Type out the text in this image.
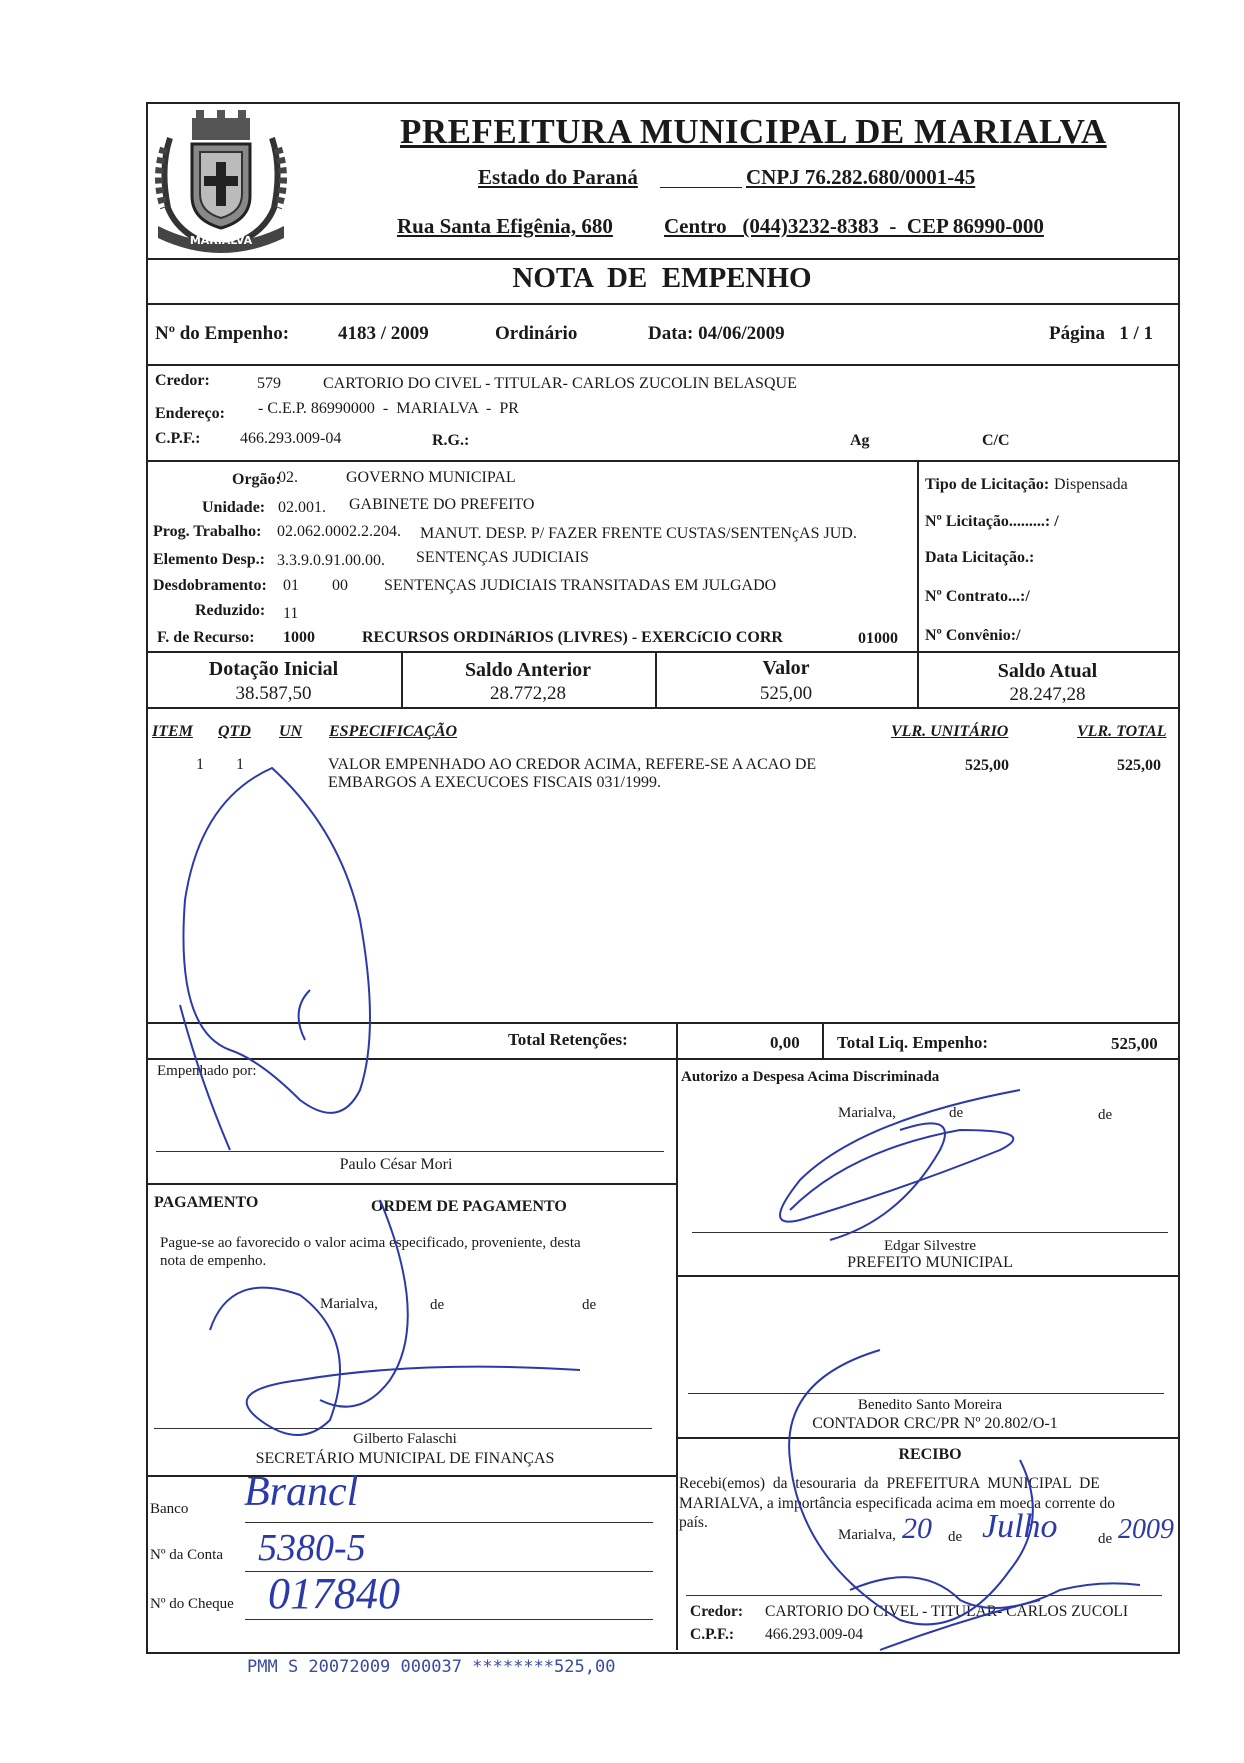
MARIALVA
PREFEITURA MUNICIPAL DE MARIALVA
Estado do Paraná	CNPJ 76.282.680/0001-45
Rua Santa Efigênia, 680 Centro   (044)3232-8383  -  CEP 86990-000
NOTA  DE  EMPENHO
Nº do Empenho:	4183 / 2009	Ordinário	Data: 04/06/2009	Página   1 / 1
Credor:	579	CARTORIO DO CIVEL - TITULAR- CARLOS ZUCOLIN BELASQUE
Endereço: - C.E.P. 86990000  -  MARIALVA  -  PR
C.P.F.: 466.293.009-04	R.G.:	Ag	C/C
Orgão:
02.	GOVERNO MUNICIPAL
Unidade: 02.001. GABINETE DO PREFEITO
Prog. Trabalho: 02.062.0002.2.204. MANUT. DESP. P/ FAZER FRENTE CUSTAS/SENTENçAS JUD.
Elemento Desp.: 3.3.9.0.91.00.00. SENTENÇAS JUDICIAIS
Desdobramento: 01 00 SENTENÇAS JUDICIAIS TRANSITADAS EM JULGADO
Reduzido: 11
F. de Recurso: 1000	RECURSOS ORDINáRIOS (LIVRES) - EXERCíCIO CORR	01000
Tipo de Licitação: Dispensada
Nº Licitação.........: /
Data Licitação.:
Nº Contrato...:/
Nº Convênio:/
Dotação Inicial
38.587,50
Saldo Anterior
28.772,28
Valor
525,00
Saldo Atual
28.247,28
ITEM QTD UN ESPECIFICAÇÃO	VLR. UNITÁRIO	VLR. TOTAL
1 1	VALOR EMPENHADO AO CREDOR ACIMA, REFERE-SE A ACAO DE
EMBARGOS A EXECUCOES FISCAIS 031/1999.
525,00	525,00
Total Retenções:	0,00 Total Liq. Empenho:	525,00
Empenhado por:
Paulo César Mori
Autorizo a Despesa Acima Discriminada
Marialva,	de	de
Edgar Silvestre
PREFEITO MUNICIPAL
PAGAMENTO	ORDEM DE PAGAMENTO
Pague-se ao favorecido o valor acima especificado, proveniente, desta
nota de empenho.
Marialva,	de	de
Gilberto Falaschi
SECRETÁRIO MUNICIPAL DE FINANÇAS
Benedito Santo Moreira
CONTADOR CRC/PR Nº 20.802/O-1
RECIBO
Recebi(emos)  da  tesouraria  da  PREFEITURA  MUNICIPAL  DE
MARIALVA, a importância especificada acima em moeda corrente do
país.
Marialva,	de	de
20 Julho 2009
Credor: CARTORIO DO CIVEL - TITULAR- CARLOS ZUCOLI
C.P.F.: 466.293.009-04
Banco Brancl
Nº da Conta 5380-5
Nº do Cheque 017840
PMM S 20072009 000037 ********525,00
